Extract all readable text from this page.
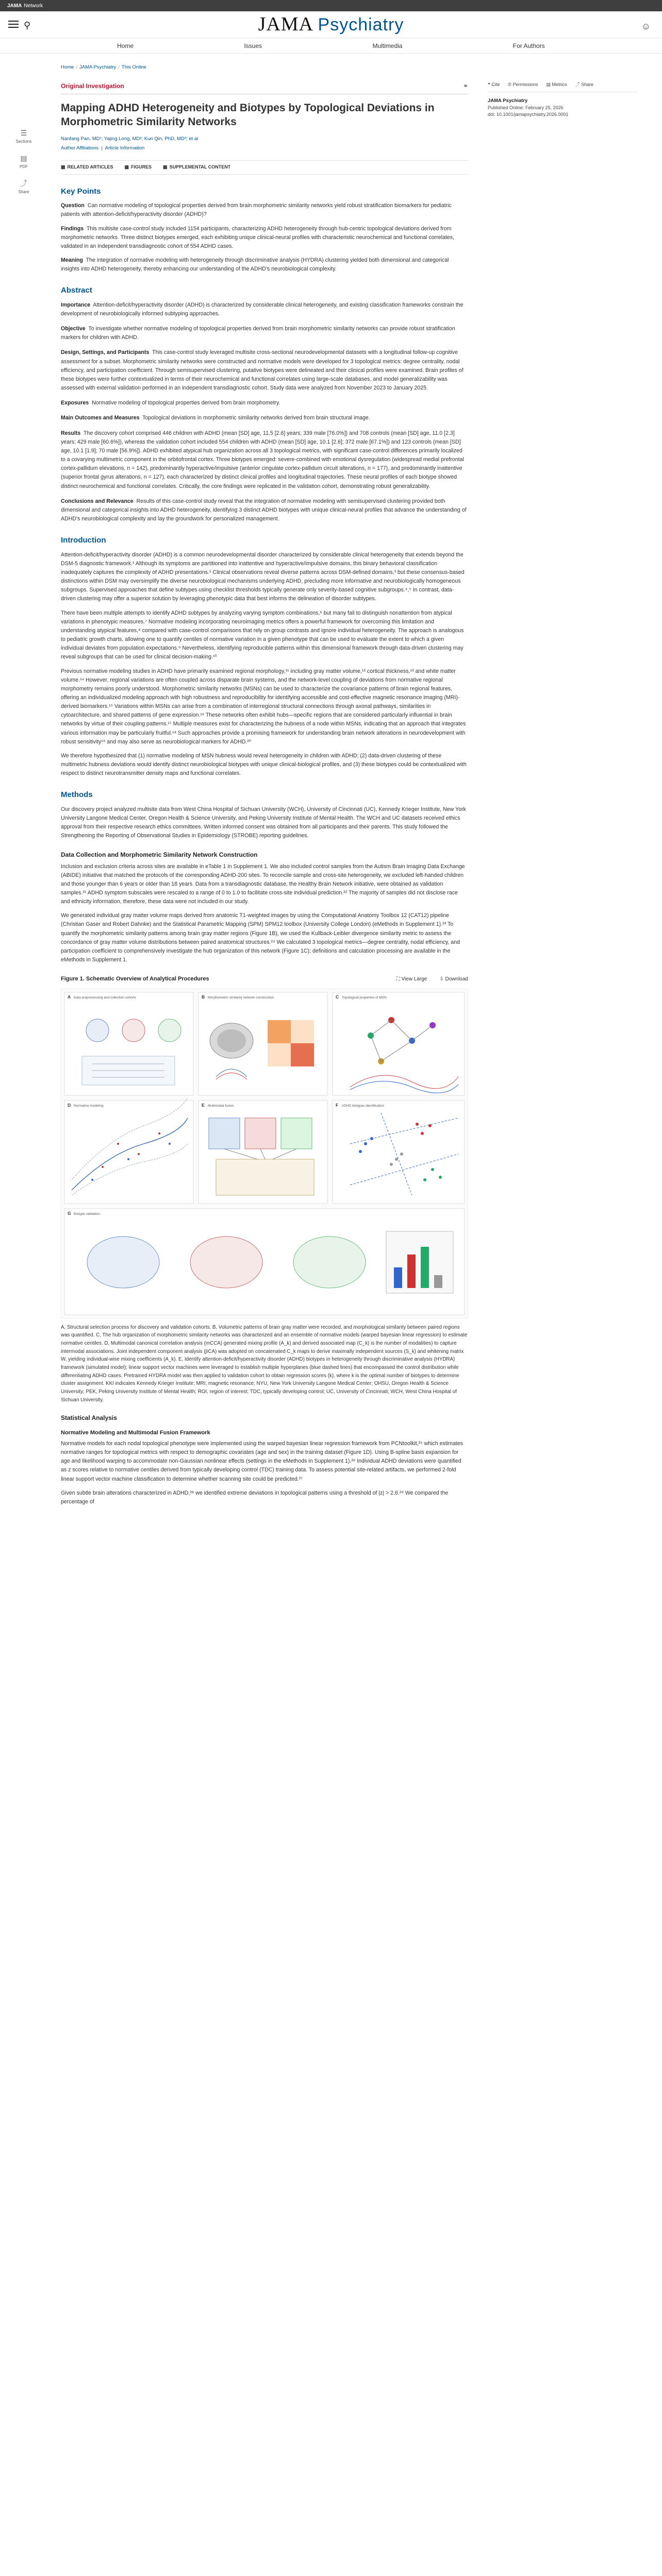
JAMA Network
⚲	JAMA Psychiatry	☺
Home	Issues	Multimedia	For Authors
Home / JAMA Psychiatry / This Online
☰
Sections
▤
PDF
⤴
Share
Original Investigation	⚭
Mapping ADHD Heterogeneity and Biotypes by Topological Deviations in Morphometric Similarity Networks
Nanfang Pan, MD¹; Yajing Long, MD²; Kun Qin, PhD, MD³; et al
Author Affiliations  |  Article Information
▦ RELATED ARTICLES ▦ FIGURES ▦ SUPPLEMENTAL CONTENT
Key Points

Question Can normative modeling of topological properties derived from brain morphometric similarity networks yield robust stratification biomarkers for pediatric patients with attention-deficit/hyperactivity disorder (ADHD)?

Findings This multisite case-control study included 1154 participants, characterizing ADHD heterogeneity through hub-centric topological deviations derived from morphometric networks. Three distinct biotypes emerged, each exhibiting unique clinical-neural profiles with characteristic neurochemical and functional correlates, validated in an independent transdiagnostic cohort of 554 ADHD cases.

Meaning The integration of normative modeling with heterogeneity through discriminative analysis (HYDRA) clustering yielded both dimensional and categorical insights into ADHD heterogeneity, thereby enhancing our understanding of the ADHD's neurobiological complexity.

Abstract

Importance Attention-deficit/hyperactivity disorder (ADHD) is characterized by considerable clinical heterogeneity, and existing classification frameworks constrain the development of neurobiologically informed subtyping approaches.

Objective To investigate whether normative modeling of topological properties derived from brain morphometric similarity networks can provide robust stratification markers for children with ADHD.

Design, Settings, and Participants This case-control study leveraged multisite cross-sectional neurodevelopmental datasets with a longitudinal follow-up cognitive assessment for a subset. Morphometric similarity networks were constructed and normative models were developed for 3 topological metrics: degree centrality, nodal efficiency, and participation coefficient. Through semisupervised clustering, putative biotypes were delineated and their clinical profiles were examined. Brain profiles of these biotypes were further contextualized in terms of their neurochemical and functional correlates using large-scale databases, and model generalizability was assessed with external validation performed in an independent transdiagnostic cohort. Study data were analyzed from November 2023 to January 2025.

Exposures Normative modeling of topological properties derived from brain morphometry.

Main Outcomes and Measures Topological deviations in morphometric similarity networks derived from brain structural image.

Results The discovery cohort comprised 446 children with ADHD (mean [SD] age, 11.5 [2.6] years; 339 male [76.0%]) and 708 controls (mean [SD] age, 11.0 [2.3] years; 429 male [60.6%]), whereas the validation cohort included 554 children with ADHD (mean [SD] age, 10.1 [2.6]; 372 male [67.1%]) and 123 controls (mean [SD] age, 10.1 [1.9]; 70 male [56.9%]). ADHD exhibited atypical hub organization across all 3 topological metrics, with significant case-control differences primarily localized to a covarying multimetric component in the orbitofrontal cortex. Three biotypes emerged: severe-combined with emotional dysregulation (widespread medial prefrontal cortex-pallidum elevations, n = 142), predominantly hyperactive/impulsive (anterior cingulate cortex-pallidum circuit alterations, n = 177), and predominantly inattentive (superior frontal gyrus alterations, n = 127), each characterized by distinct clinical profiles and longitudinal trajectories. These neural profiles of each biotype showed distinct neurochemical and functional correlates. Critically, the core findings were replicated in the validation cohort, demonstrating robust generalizability.

Conclusions and Relevance Results of this case-control study reveal that the integration of normative modeling with semisupervised clustering provided both dimensional and categorical insights into ADHD heterogeneity, identifying 3 distinct ADHD biotypes with unique clinical-neural profiles that advance the understanding of ADHD's neurobiological complexity and lay the groundwork for personalized management.

Introduction

Attention-deficit/hyperactivity disorder (ADHD) is a common neurodevelopmental disorder characterized by considerable clinical heterogeneity that extends beyond the DSM-5 diagnostic framework.¹ Although its symptoms are partitioned into inattentive and hyperactive/impulsive domains, this binary behavioral classification inadequately captures the complexity of ADHD presentations.² Clinical observations reveal diverse patterns across DSM-defined domains,³ but these consensus-based distinctions within DSM may oversimplify the diverse neurobiological mechanisms underlying ADHD, precluding more informative and neurobiologically homogeneous subgroups. Supervised approaches that define subtypes using checklist thresholds typically generate only severity-based cognitive subgroups.⁴,⁵ In contrast, data-driven clustering may offer a superior solution by leveraging phenotypic data that best informs the delineation of disorder subtypes.

There have been multiple attempts to identify ADHD subtypes by analyzing varying symptom combinations,⁶ but many fail to distinguish nonattention from atypical variations in phenotypic measures.⁷ Normative modeling incorporating neuroimaging metrics offers a powerful framework for overcoming this limitation and understanding atypical features,⁸ compared with case-control comparisons that rely on group contrasts and ignore individual heterogeneity. The approach is analogous to pediatric growth charts, allowing one to quantify centiles of normative variation in a given phenotype that can be used to evaluate the extent to which a given individual deviates from population expectations.⁹ Nevertheless, identifying reproducible patterns within this dimensional framework through data-driven clustering may reveal subgroups that can be used for clinical decision-making.¹⁰

Previous normative modeling studies in ADHD have primarily examined regional morphology,¹¹ including gray matter volume,¹² cortical thickness,¹³ and white matter volume.¹⁴ However, regional variations are often coupled across disparate brain systems, and the network-level coupling of deviations from normative regional morphometry remains poorly understood. Morphometric similarity networks (MSNs) can be used to characterize the covariance patterns of brain regional features, offering an individualized modeling approach with high robustness and reproducibility for identifying accessible and cost-effective magnetic resonance imaging (MRI)-derived biomarkers.¹⁵ Variations within MSNs can arise from a combination of interregional structural connections through axonal pathways, similarities in cytoarchitecture, and shared patterns of gene expression.¹⁶ These networks often exhibit hubs—specific regions that are considered particularly influential in brain networks by virtue of their coupling patterns.¹⁷ Multiple measures exist for characterizing the hubness of a node within MSNs, indicating that an approach that integrates various information may be particularly fruitful.¹⁸ Such approaches provide a promising framework for understanding brain network alterations in neurodevelopment with robust sensitivity¹⁹ and may also serve as neurobiological markers for ADHD.²⁰

We therefore hypothesized that (1) normative modeling of MSN hubness would reveal heterogeneity in children with ADHD; (2) data-driven clustering of these multimetric hubness deviations would identify distinct neurobiological biotypes with unique clinical-biological profiles, and (3) these biotypes could be contextualized with respect to distinct neurotransmitter density maps and functional correlates.

Methods

Our discovery project analyzed multisite data from West China Hospital of Sichuan University (WCH), University of Cincinnati (UC), Kennedy Krieger Institute, New York University Langone Medical Center, Oregon Health & Science University, and Peking University Institute of Mental Health. The WCH and UC datasets received ethics approval from their respective research ethics committees. Written informed consent was obtained from all participants and their parents. This study followed the Strengthening the Reporting of Observational Studies in Epidemiology (STROBE) reporting guidelines.

Data Collection and Morphometric Similarity Network Construction

Inclusion and exclusion criteria across sites are available in eTable 1 in Supplement 1. We also included control samples from the Autism Brain Imaging Data Exchange (ABIDE) initiative that matched the protocols of the corresponding ADHD-200 sites. To reconcile sample and cross-site heterogeneity, we excluded left-handed children and those younger than 6 years or older than 18 years. Data from a transdiagnostic database, the Healthy Brain Network initiative, were obtained as validation samples.²¹ ADHD symptom subscales were rescaled to a range of 0 to 1.0 to facilitate cross-site individual prediction.²² The majority of samples did not disclose race and ethnicity information, therefore, these data were not included in our study.

We generated individual gray matter volume maps derived from anatomic T1-weighted images by using the Computational Anatomy Toolbox 12 (CAT12) pipeline (Christian Gaser and Robert Dahnke) and the Statistical Parametric Mapping (SPM) SPM12 toolbox (University College London) (eMethods in Supplement 1).²³ To quantify the morphometric similarity patterns among brain gray matter regions (Figure 1B), we used the Kullback-Leibler divergence similarity metric to assess the concordance of gray matter volume distributions between paired anatomical structures.²⁴ We calculated 3 topological metrics—degree centrality, nodal efficiency, and participation coefficient to comprehensively investigate the hub organization of this network (Figure 1C); definitions and calculation processing are available in the eMethods in Supplement 1.

Figure 1. Schematic Overview of Analytical Procedures	⛶ View Large ⇩ Download
A Data preprocessing and collection cohorts	B Morphometric similarity network construction	C Topological properties of MSN
D Normative modeling	E Multimodal fusion	F ADHD biotypes identification
G Biotype validation
A, Structural selection process for discovery and validation cohorts. B, Volumetric patterns of brain gray matter were recorded, and morphological similarity between paired regions was quantified. C, The hub organization of morphometric similarity networks was characterized and an ensemble of normative models (warped bayesian linear regression) to estimate normative centiles. D, Multimodal canonical correlation analysis (mCCA) generated mixing profile (A_k) and derived associated map (C_k) is the number of modalities) to capture intermodal associations. Joint independent component analysis (jICA) was adopted on concatenated C_k maps to derive maximally independent sources (S_k) and whitening matrix W, yielding individual-wise mixing coefficients (A_k). E, Identify attention-deficit/hyperactivity disorder (ADHD) biotypes in heterogeneity through discriminative analysis (HYDRA) framework (simulated model); linear support vector machines were leveraged to establish multiple hyperplanes (blue dashed lines) that encompassed the control distribution while differentiating ADHD cases. Pretrained HYDRA model was then applied to validation cohort to obtain regression scores (k), where k is the optimal number of biotypes to determine cluster assignment. KKI indicates Kennedy Krieger Institute; MRI, magnetic resonance; NYU, New York University Langone Medical Center; OHSU, Oregon Health & Science University; PEK, Peking University Institute of Mental Health; ROI, region of interest; TDC, typically developing control; UC, University of Cincinnati; WCH, West China Hospital of Sichuan University.
Statistical Analysis
Normative Modeling and Multimodal Fusion Framework

Normative models for each nodal topological phenotype were implemented using the warped bayesian linear regression framework from PCNtoolkit,²⁵ which estimates normative ranges for topological metrics with respect to demographic covariates (age and sex) in the training dataset (Figure 1D). Using B-spline basis expansion for age and likelihood warping to accommodate non-Gaussian nonlinear effects (settings in the eMethods in Supplement 1).²⁶ Individual ADHD deviations were quantified as z scores relative to normative centiles derived from typically developing control (TDC) training data. To assess potential site-related artifacts, we performed 2-fold linear support vector machine classification to determine whether scanning site could be predicted.²⁷

Given subtle brain alterations characterized in ADHD,²⁸ we identified extreme deviations in topological patterns using a threshold of |z| > 2.6.²⁹ We compared the percentage of

❝ Cite © Permissions ▤ Metrics ⤴ Share
JAMA Psychiatry
Published Online: February 25, 2026
doi: 10.1001/jamapsychiatry.2026.0001
